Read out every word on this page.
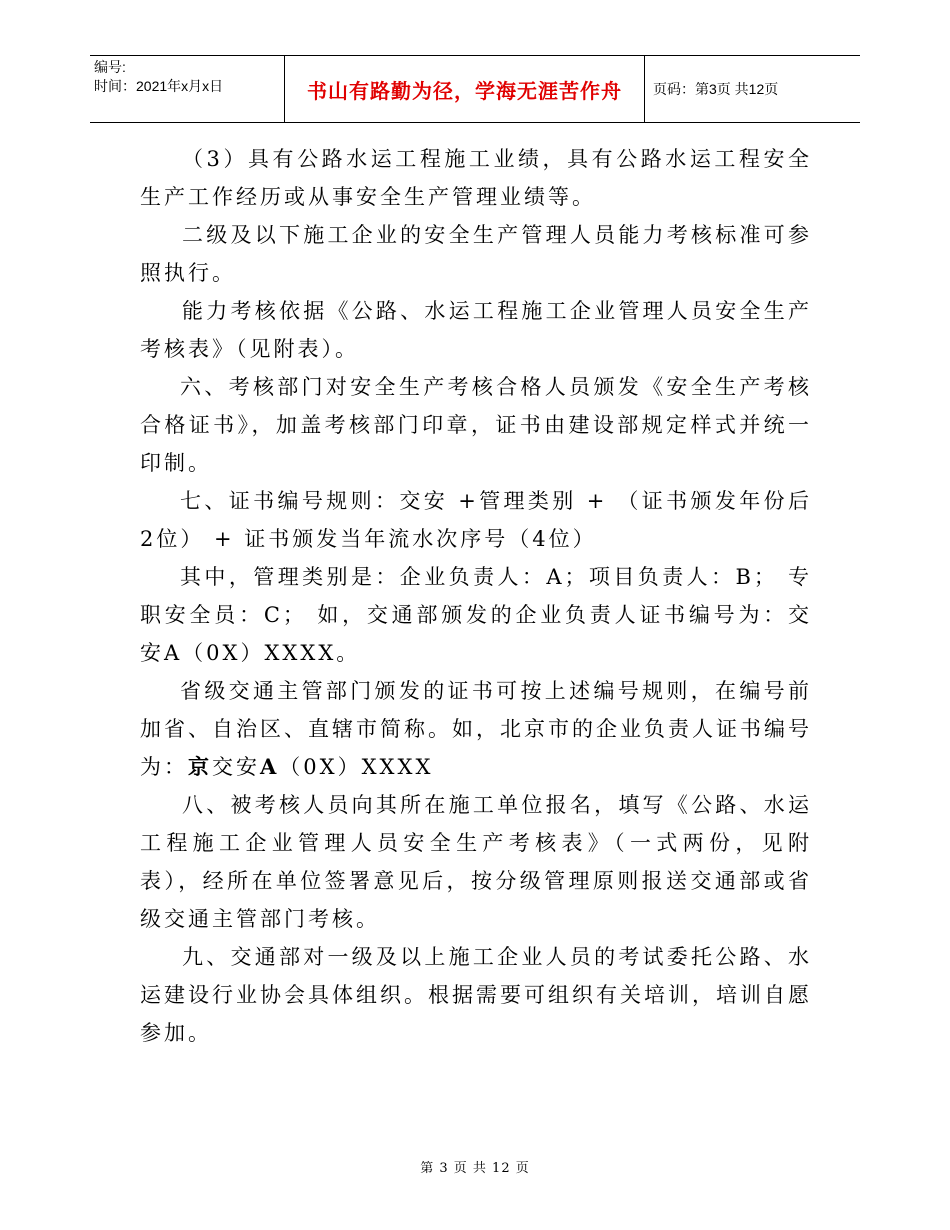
编号:
时间：2021年x月x日	书山有路勤为径，学海无涯苦作舟 页码：第3页 共12页

（3）具有公路水运工程施工业绩，具有公路水运工程安全生产工作经历或从事安全生产管理业绩等。

二级及以下施工企业的安全生产管理人员能力考核标准可参照执行。

能力考核依据《公路、水运工程施工企业管理人员安全生产考核表》（见附表）。

六、考核部门对安全生产考核合格人员颁发《安全生产考核合格证书》，加盖考核部门印章，证书由建设部规定样式并统一印制。

七、证书编号规则：交安 +管理类别 + （证书颁发年份后2位） + 证书颁发当年流水次序号（4位）

其中，管理类别是：企业负责人：A；项目负责人：B； 专职安全员：C； 如，交通部颁发的企业负责人证书编号为：交安A（0X）XXXX。

省级交通主管部门颁发的证书可按上述编号规则，在编号前加省、自治区、直辖市简称。如，北京市的企业负责人证书编号为：京交安A（0X）XXXX

八、被考核人员向其所在施工单位报名，填写《公路、水运工程施工企业管理人员安全生产考核表》（一式两份，见附表），经所在单位签署意见后，按分级管理原则报送交通部或省级交通主管部门考核。

九、交通部对一级及以上施工企业人员的考试委托公路、水运建设行业协会具体组织。根据需要可组织有关培训，培训自愿参加。

第 3 页 共 12 页
